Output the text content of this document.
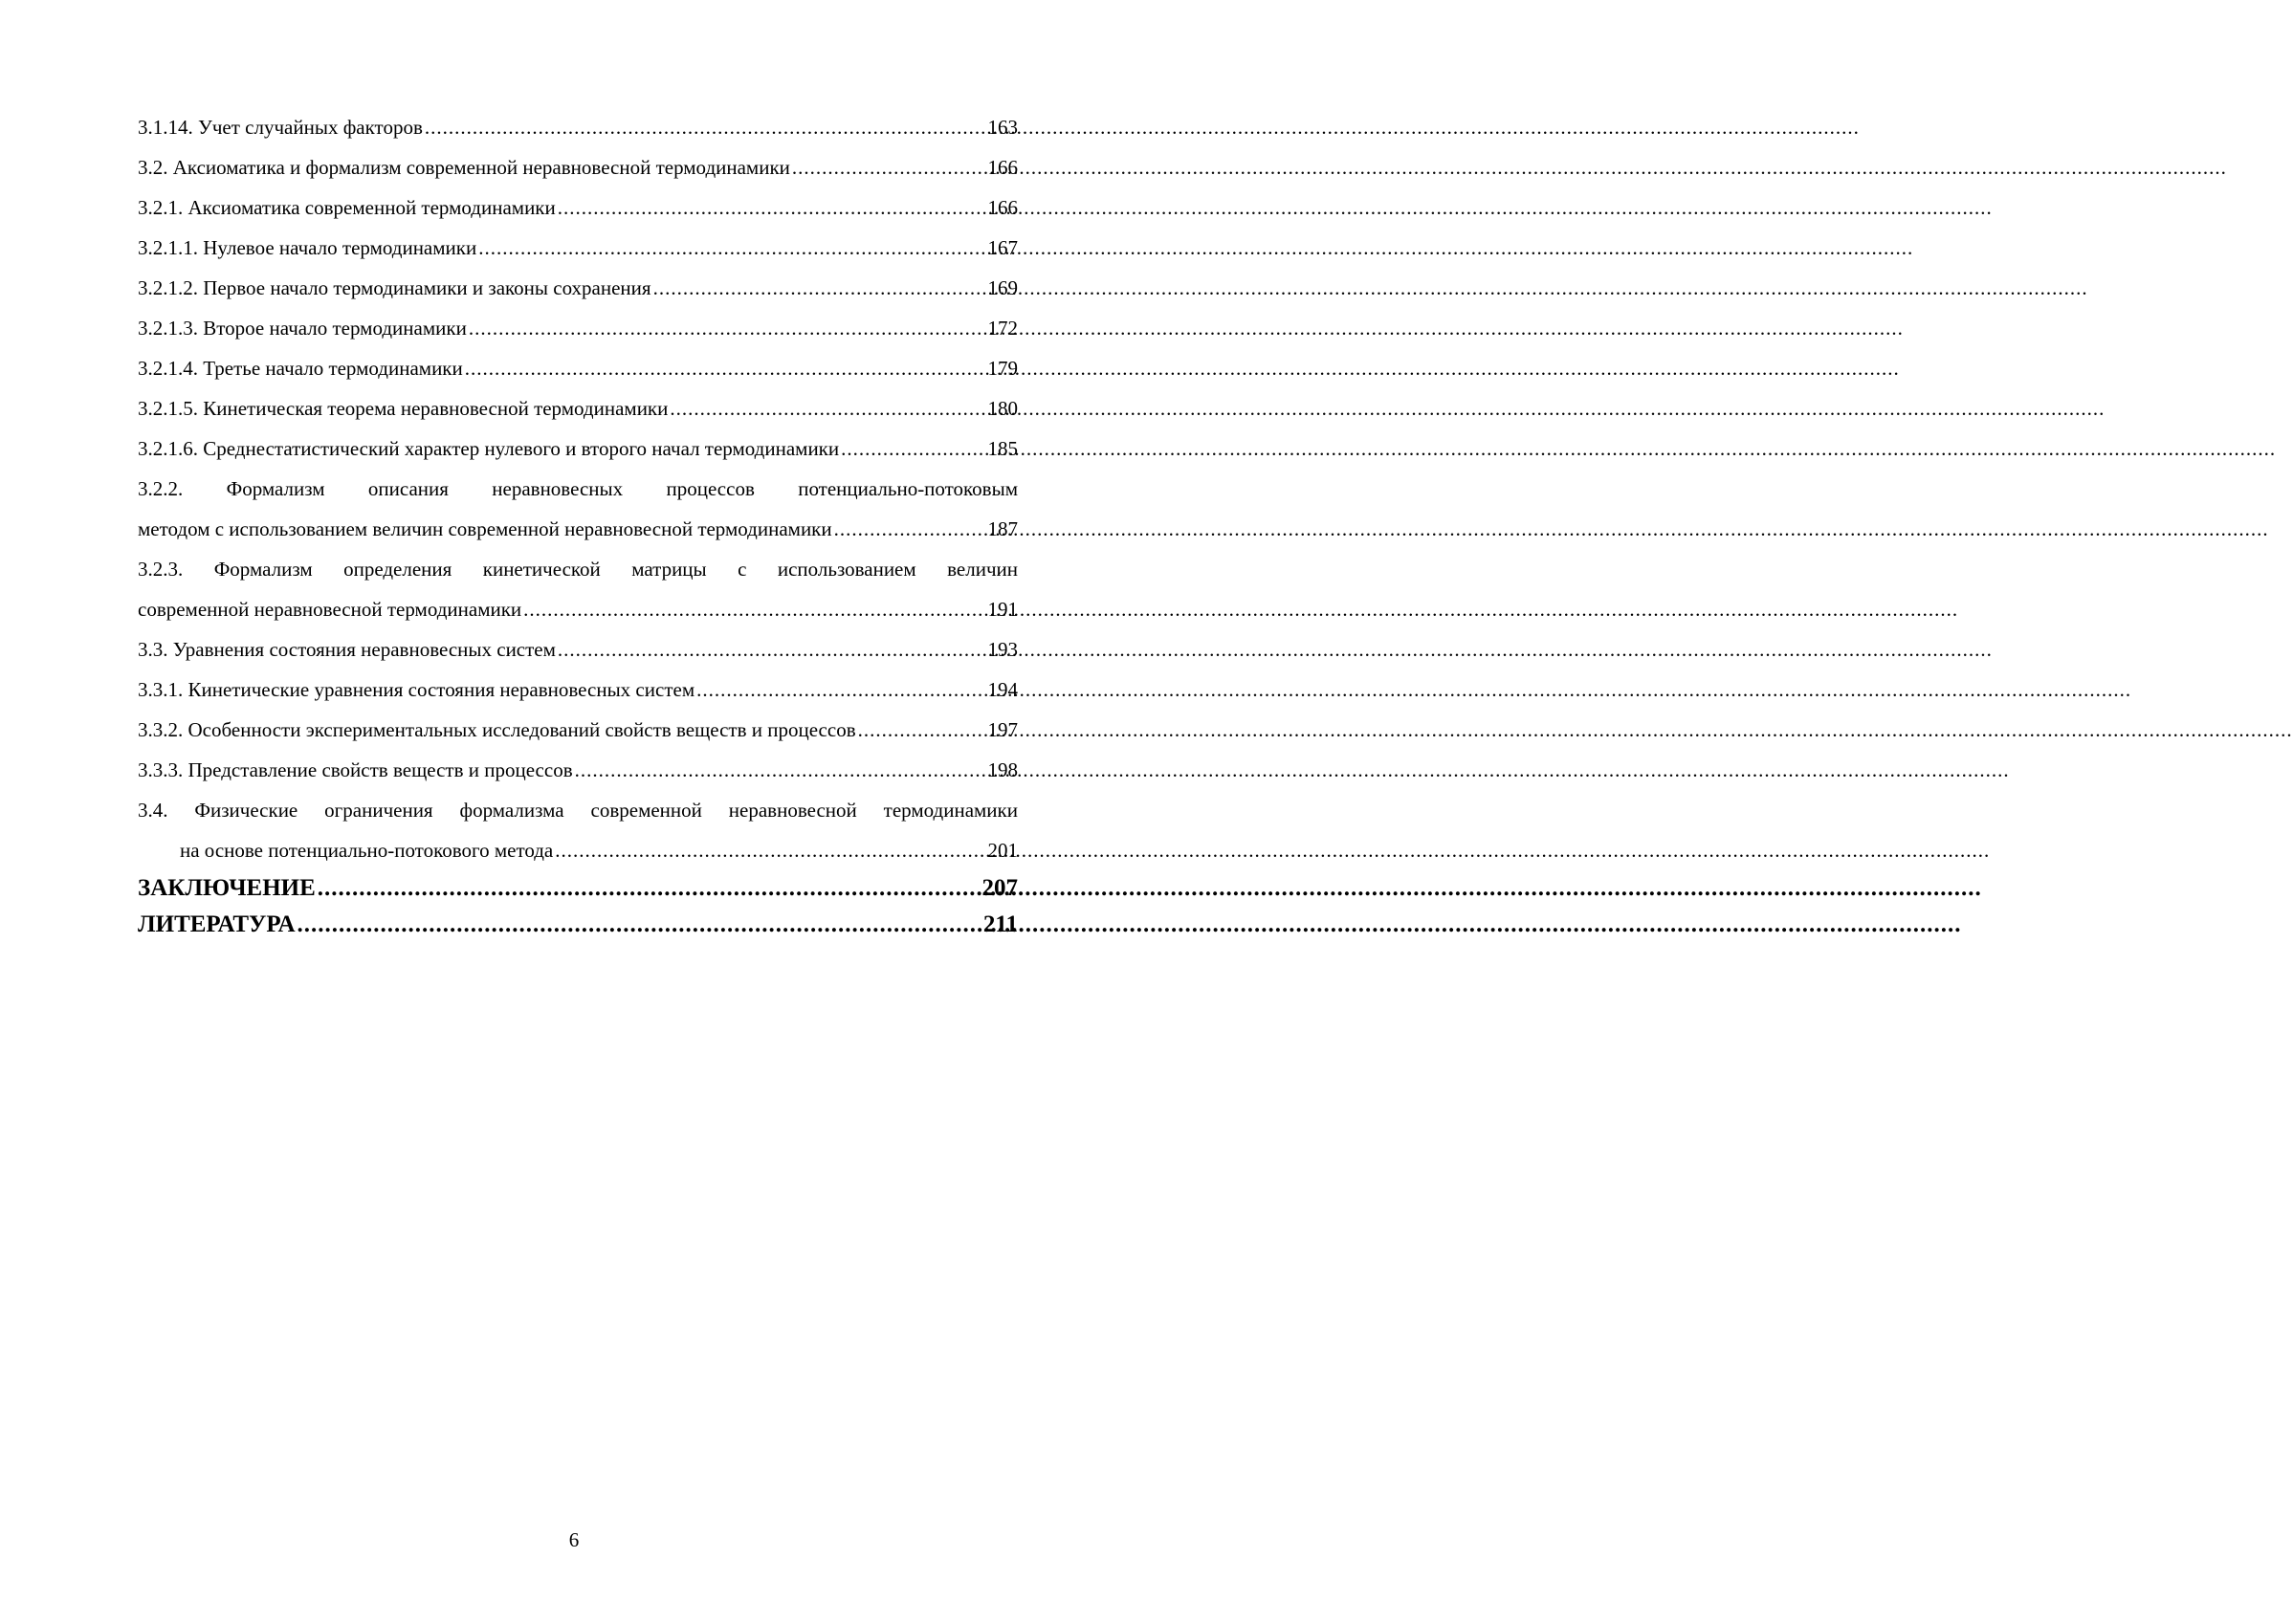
3.1.14. Учет случайных факторов .....	163
3.2. Аксиоматика и формализм современной неравновесной термодинамики .....	166
3.2.1. Аксиоматика современной термодинамики .....	166
3.2.1.1. Нулевое начало термодинамики .....	167
3.2.1.2. Первое начало термодинамики и законы сохранения .....	169
3.2.1.3. Второе начало термодинамики .....	172
3.2.1.4. Третье начало термодинамики .....	179
3.2.1.5. Кинетическая теорема неравновесной термодинамики .....	180
3.2.1.6. Среднестатистический характер нулевого и второго начал термодинамики .....	185
3.2.2. Формализм описания неравновесных процессов потенциально-потоковым
методом с использованием величин современной неравновесной термодинамики .....	187
3.2.3. Формализм определения кинетической матрицы с использованием величин
современной неравновесной термодинамики .....	191
3.3. Уравнения состояния неравновесных систем .....	193
3.3.1. Кинетические уравнения состояния неравновесных систем .....	194
3.3.2. Особенности экспериментальных исследований свойств веществ и процессов .....	197
3.3.3. Представление свойств веществ и процессов .....	198
3.4. Физические ограничения формализма современной неравновесной термодинамики
на основе потенциально-потокового метода .....	201
ЗАКЛЮЧЕНИЕ .....	207
ЛИТЕРАТУРА .....	211
6
